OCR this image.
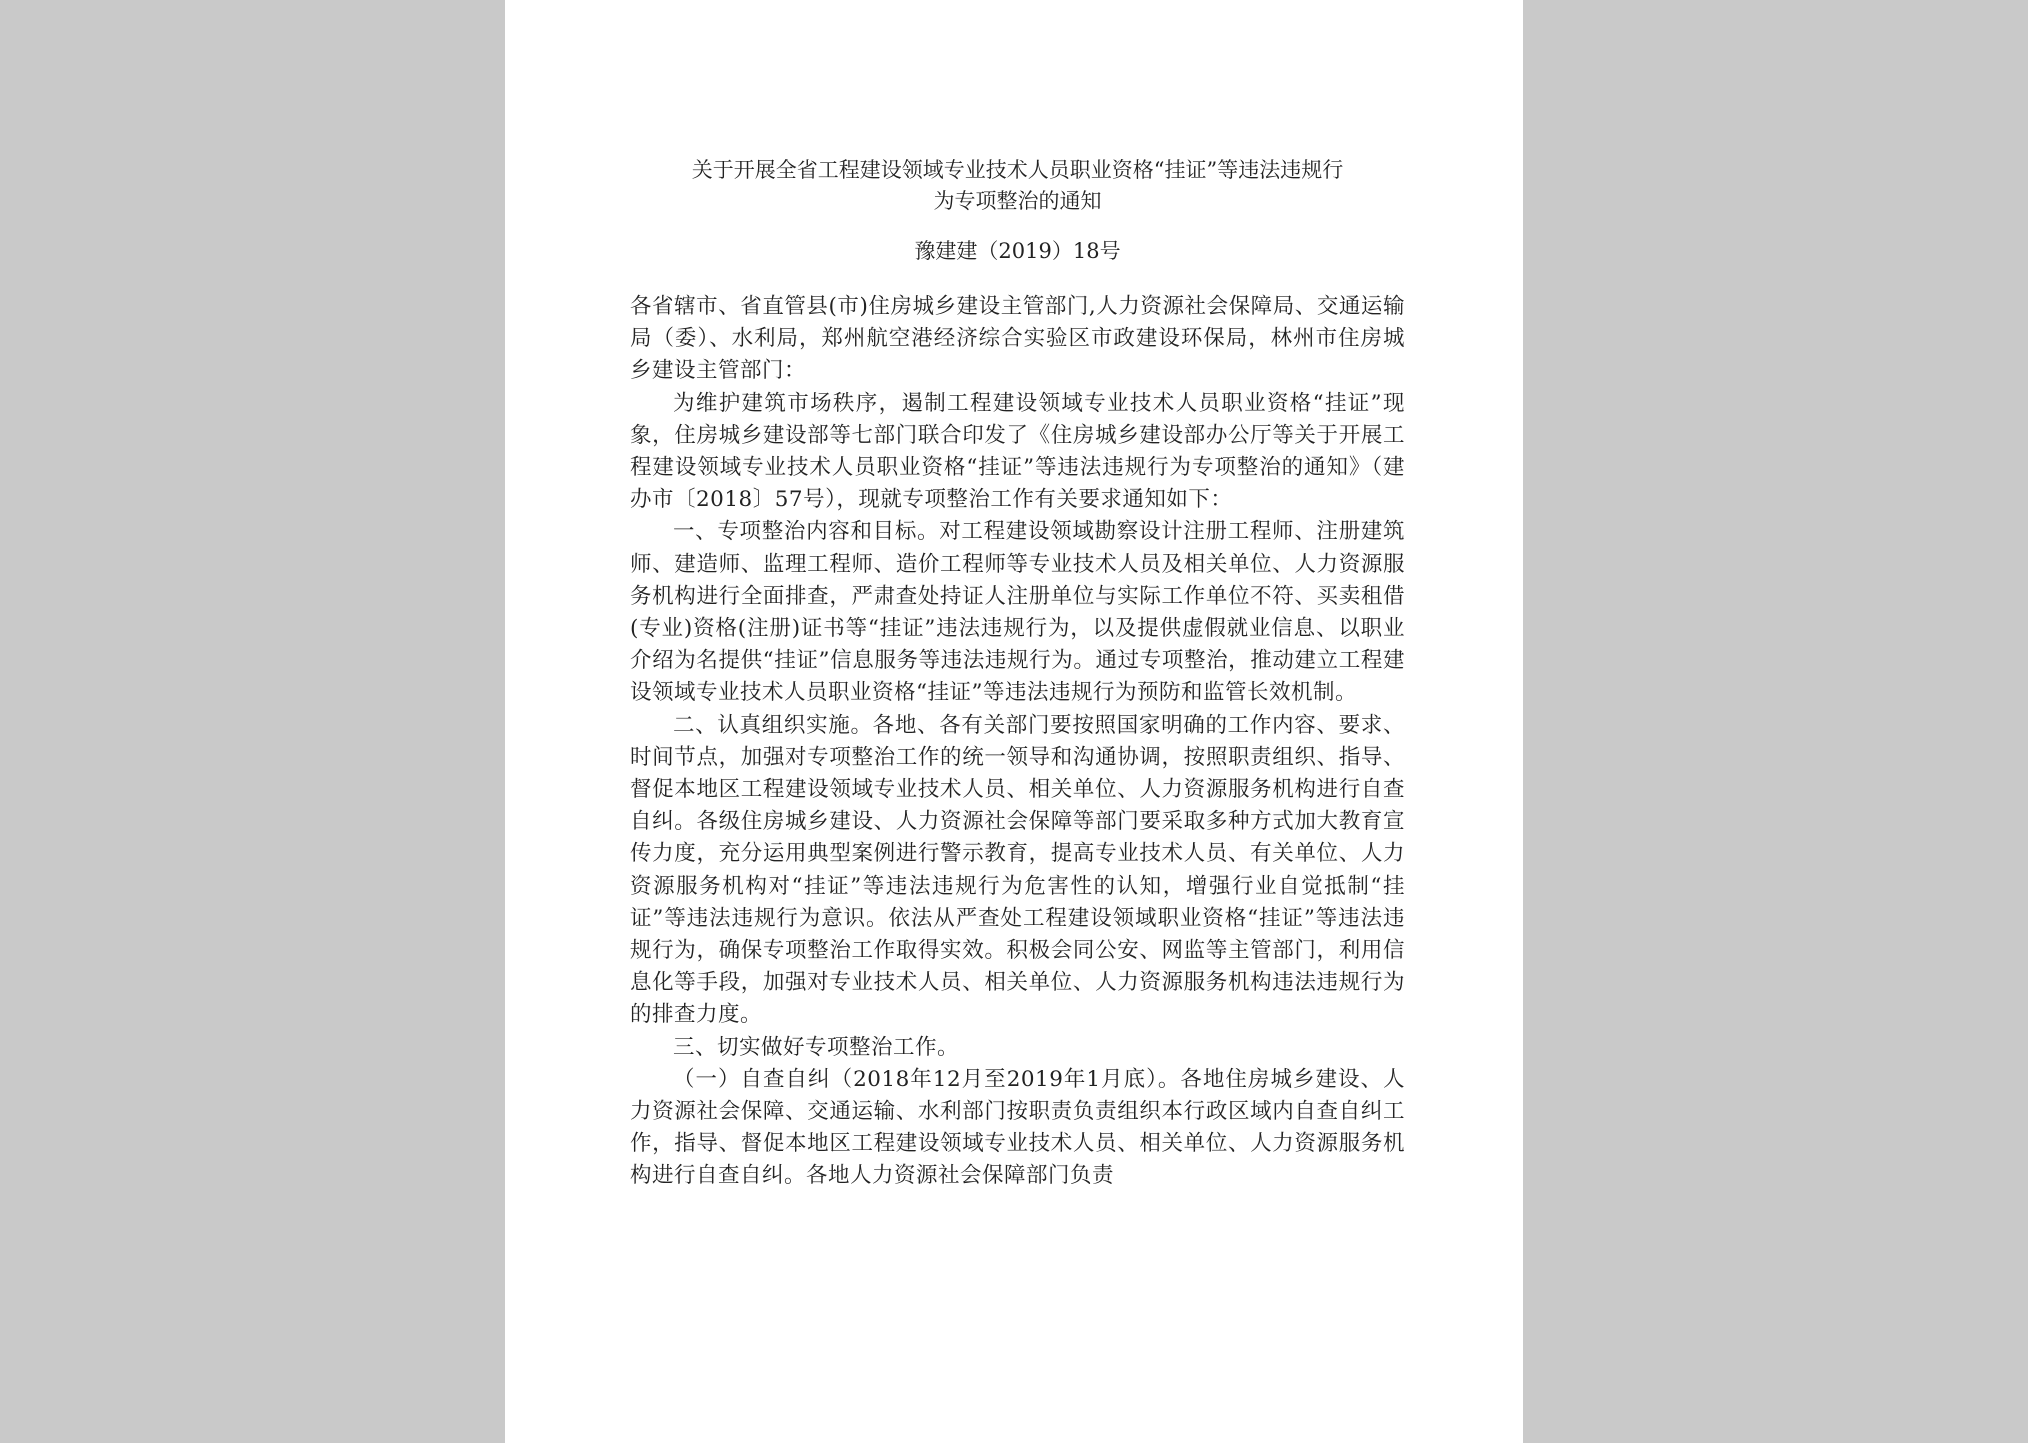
关于开展全省工程建设领域专业技术人员职业资格“挂证”等违法违规行
为专项整治的通知
豫建建（2019）18号

各省辖市、省直管县(市)住房城乡建设主管部门,人力资源社会保障局、交通运输局（委）、水利局，郑州航空港经济综合实验区市政建设环保局，林州市住房城乡建设主管部门：

为维护建筑市场秩序，遏制工程建设领域专业技术人员职业资格“挂证”现象，住房城乡建设部等七部门联合印发了《住房城乡建设部办公厅等关于开展工程建设领域专业技术人员职业资格“挂证”等违法违规行为专项整治的通知》（建办市〔2018〕57号），现就专项整治工作有关要求通知如下：

一、专项整治内容和目标。对工程建设领域勘察设计注册工程师、注册建筑师、建造师、监理工程师、造价工程师等专业技术人员及相关单位、人力资源服务机构进行全面排查，严肃查处持证人注册单位与实际工作单位不符、买卖租借(专业)资格(注册)证书等“挂证”违法违规行为，以及提供虚假就业信息、以职业介绍为名提供“挂证”信息服务等违法违规行为。通过专项整治，推动建立工程建设领域专业技术人员职业资格“挂证”等违法违规行为预防和监管长效机制。

二、认真组织实施。各地、各有关部门要按照国家明确的工作内容、要求、时间节点，加强对专项整治工作的统一领导和沟通协调，按照职责组织、指导、督促本地区工程建设领域专业技术人员、相关单位、人力资源服务机构进行自查自纠。各级住房城乡建设、人力资源社会保障等部门要采取多种方式加大教育宣传力度，充分运用典型案例进行警示教育，提高专业技术人员、有关单位、人力资源服务机构对“挂证”等违法违规行为危害性的认知，增强行业自觉抵制“挂证”等违法违规行为意识。依法从严查处工程建设领域职业资格“挂证”等违法违规行为，确保专项整治工作取得实效。积极会同公安、网监等主管部门，利用信息化等手段，加强对专业技术人员、相关单位、人力资源服务机构违法违规行为的排查力度。

三、切实做好专项整治工作。

（一）自查自纠（2018年12月至2019年1月底）。各地住房城乡建设、人力资源社会保障、交通运输、水利部门按职责负责组织本行政区域内自查自纠工作，指导、督促本地区工程建设领域专业技术人员、相关单位、人力资源服务机构进行自查自纠。各地人力资源社会保障部门负责
